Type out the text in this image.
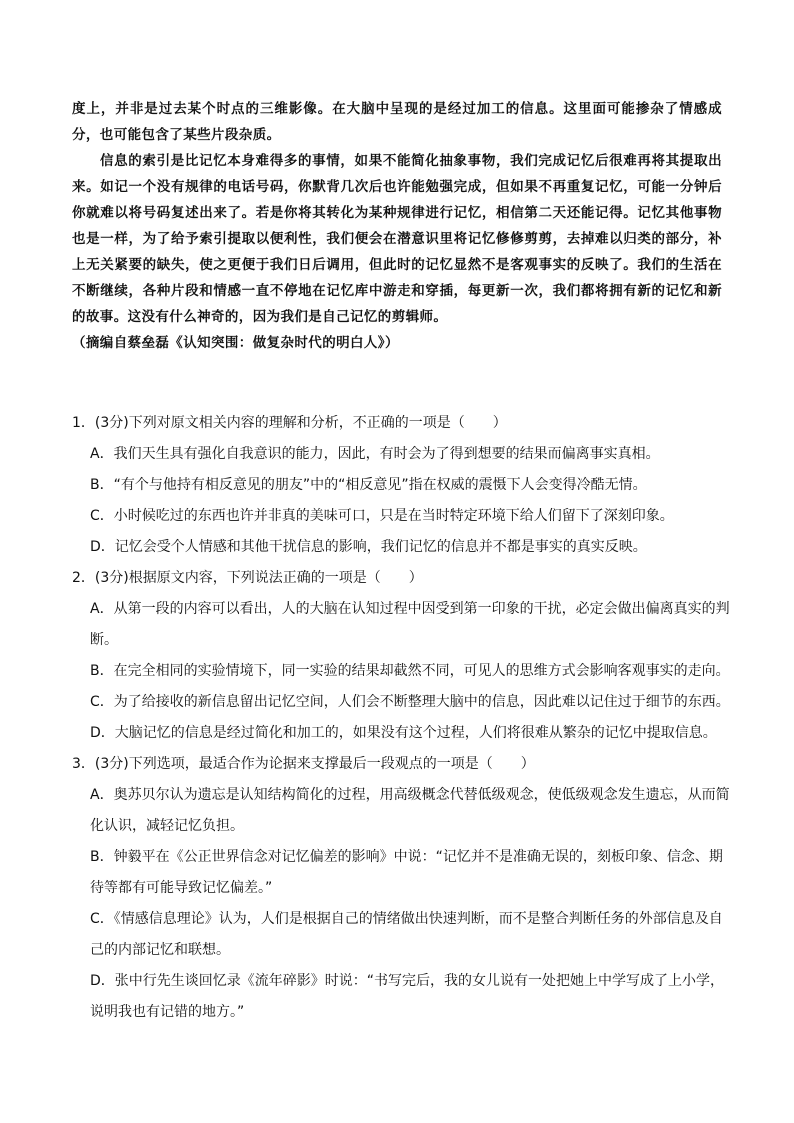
度上，并非是过去某个时点的三维影像。在大脑中呈现的是经过加工的信息。这里面可能掺杂了情感成分，也可能包含了某些片段杂质。

信息的索引是比记忆本身难得多的事情，如果不能简化抽象事物，我们完成记忆后很难再将其提取出来。如记一个没有规律的电话号码，你默背几次后也许能勉强完成，但如果不再重复记忆，可能一分钟后你就难以将号码复述出来了。若是你将其转化为某种规律进行记忆，相信第二天还能记得。记忆其他事物也是一样，为了给予索引提取以便利性，我们便会在潜意识里将记忆修修剪剪，去掉难以归类的部分，补上无关紧要的缺失，使之更便于我们日后调用，但此时的记忆显然不是客观事实的反映了。我们的生活在不断继续，各种片段和情感一直不停地在记忆库中游走和穿插，每更新一次，我们都将拥有新的记忆和新的故事。这没有什么神奇的，因为我们是自己记忆的剪辑师。

（摘编自蔡垒磊《认知突围：做复杂时代的明白人》）

1．(3分)下列对原文相关内容的理解和分析，不正确的一项是（　　）

A．我们天生具有强化自我意识的能力，因此，有时会为了得到想要的结果而偏离事实真相。

B．“有个与他持有相反意见的朋友”中的“相反意见”指在权威的震慑下人会变得冷酷无情。

C．小时候吃过的东西也许并非真的美味可口，只是在当时特定环境下给人们留下了深刻印象。

D．记忆会受个人情感和其他干扰信息的影响，我们记忆的信息并不都是事实的真实反映。

2．(3分)根据原文内容，下列说法正确的一项是（　　）

A．从第一段的内容可以看出，人的大脑在认知过程中因受到第一印象的干扰，必定会做出偏离真实的判断。

B．在完全相同的实验情境下，同一实验的结果却截然不同，可见人的思维方式会影响客观事实的走向。

C．为了给接收的新信息留出记忆空间，人们会不断整理大脑中的信息，因此难以记住过于细节的东西。

D．大脑记忆的信息是经过简化和加工的，如果没有这个过程，人们将很难从繁杂的记忆中提取信息。

3．(3分)下列选项，最适合作为论据来支撑最后一段观点的一项是（　　）

A．奥苏贝尔认为遗忘是认知结构简化的过程，用高级概念代替低级观念，使低级观念发生遗忘，从而简化认识，减轻记忆负担。

B．钟毅平在《公正世界信念对记忆偏差的影响》中说：“记忆并不是准确无误的，刻板印象、信念、期待等都有可能导致记忆偏差。”

C．《情感信息理论》认为，人们是根据自己的情绪做出快速判断，而不是整合判断任务的外部信息及自己的内部记忆和联想。

D．张中行先生谈回忆录《流年碎影》时说：“书写完后，我的女儿说有一处把她上中学写成了上小学，说明我也有记错的地方。”
